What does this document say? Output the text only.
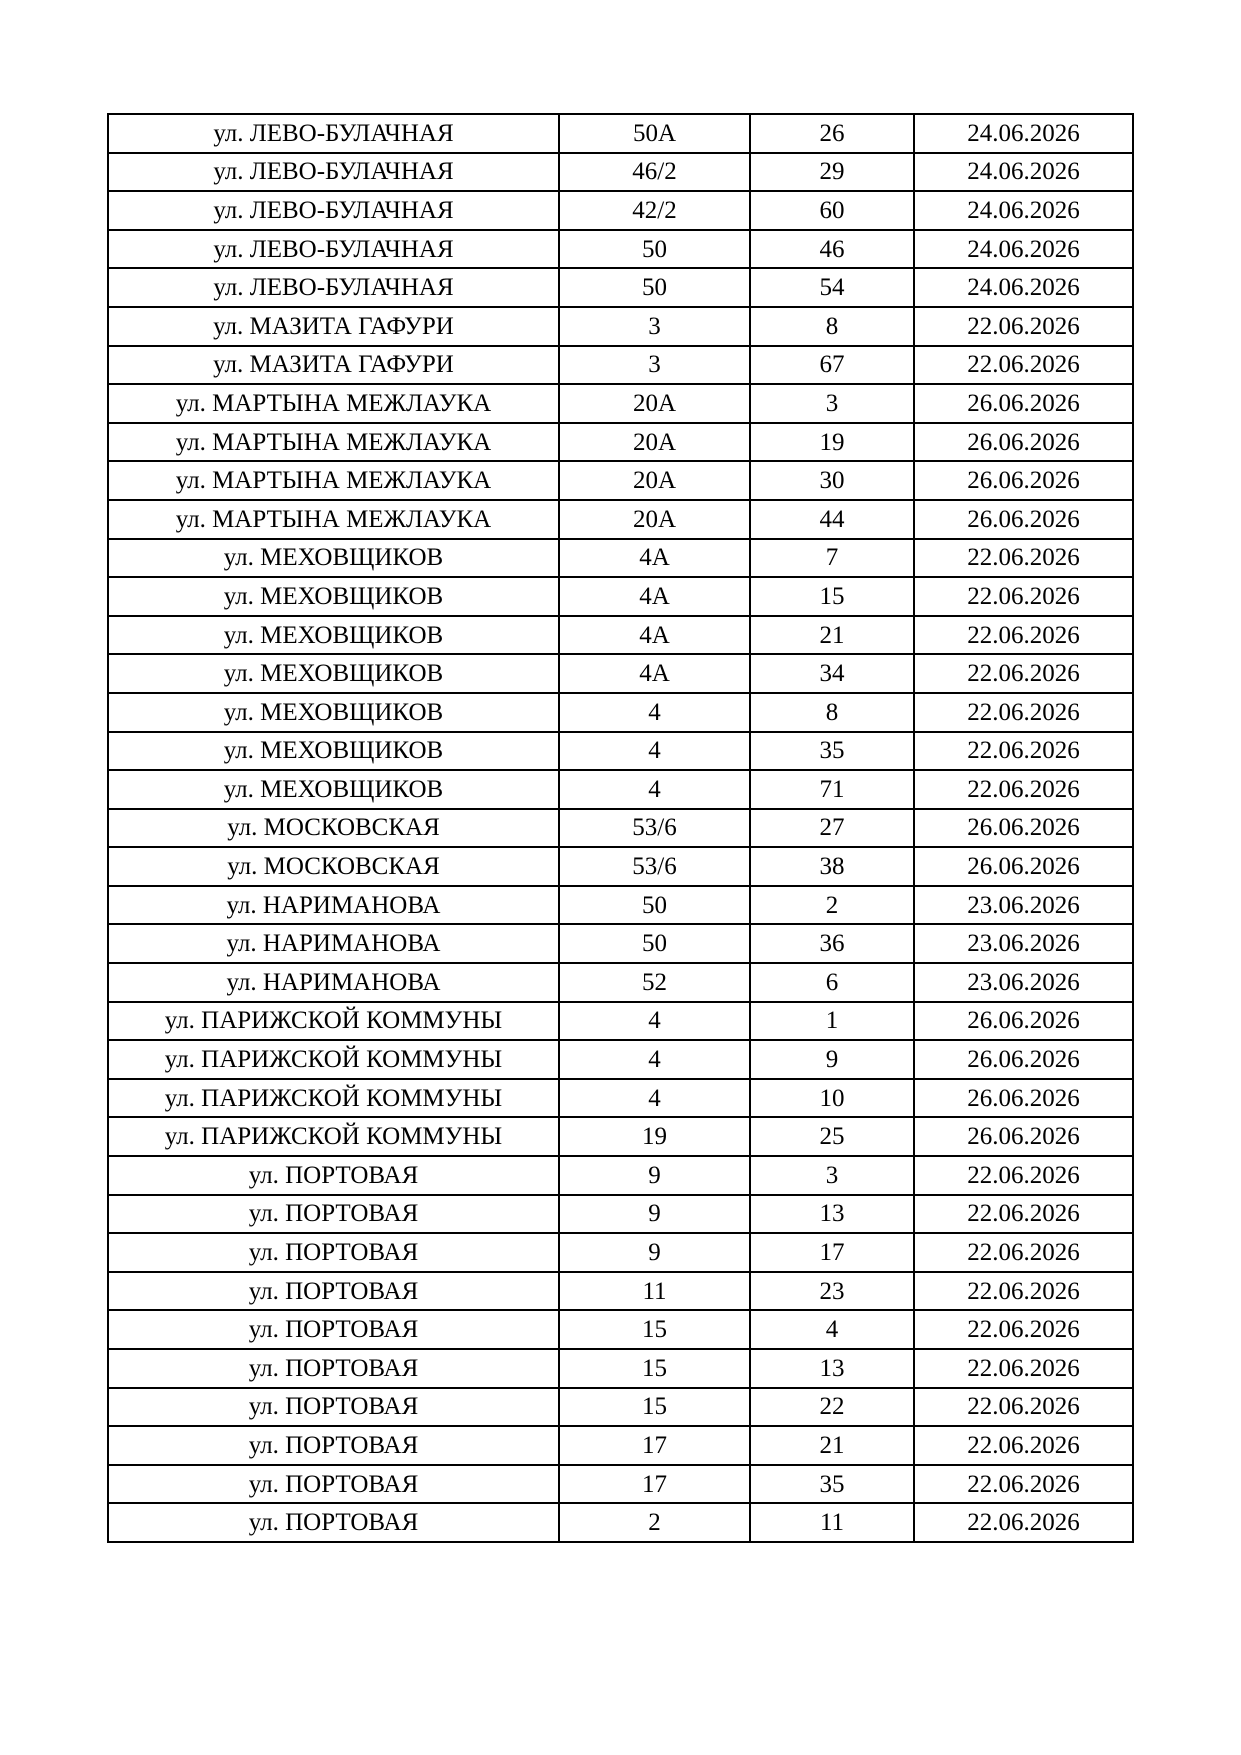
ул. ЛЕВО-БУЛАЧНАЯ	50А	26	24.06.2026
ул. ЛЕВО-БУЛАЧНАЯ	46/2	29	24.06.2026
ул. ЛЕВО-БУЛАЧНАЯ	42/2	60	24.06.2026
ул. ЛЕВО-БУЛАЧНАЯ	50	46	24.06.2026
ул. ЛЕВО-БУЛАЧНАЯ	50	54	24.06.2026
ул. МАЗИТА ГАФУРИ	3	8	22.06.2026
ул. МАЗИТА ГАФУРИ	3	67	22.06.2026
ул. МАРТЫНА МЕЖЛАУКА	20А	3	26.06.2026
ул. МАРТЫНА МЕЖЛАУКА	20А	19	26.06.2026
ул. МАРТЫНА МЕЖЛАУКА	20А	30	26.06.2026
ул. МАРТЫНА МЕЖЛАУКА	20А	44	26.06.2026
ул. МЕХОВЩИКОВ	4А	7	22.06.2026
ул. МЕХОВЩИКОВ	4А	15	22.06.2026
ул. МЕХОВЩИКОВ	4А	21	22.06.2026
ул. МЕХОВЩИКОВ	4А	34	22.06.2026
ул. МЕХОВЩИКОВ	4	8	22.06.2026
ул. МЕХОВЩИКОВ	4	35	22.06.2026
ул. МЕХОВЩИКОВ	4	71	22.06.2026
ул. МОСКОВСКАЯ	53/6	27	26.06.2026
ул. МОСКОВСКАЯ	53/6	38	26.06.2026
ул. НАРИМАНОВА	50	2	23.06.2026
ул. НАРИМАНОВА	50	36	23.06.2026
ул. НАРИМАНОВА	52	6	23.06.2026
ул. ПАРИЖСКОЙ КОММУНЫ	4	1	26.06.2026
ул. ПАРИЖСКОЙ КОММУНЫ	4	9	26.06.2026
ул. ПАРИЖСКОЙ КОММУНЫ	4	10	26.06.2026
ул. ПАРИЖСКОЙ КОММУНЫ	19	25	26.06.2026
ул. ПОРТОВАЯ	9	3	22.06.2026
ул. ПОРТОВАЯ	9	13	22.06.2026
ул. ПОРТОВАЯ	9	17	22.06.2026
ул. ПОРТОВАЯ	11	23	22.06.2026
ул. ПОРТОВАЯ	15	4	22.06.2026
ул. ПОРТОВАЯ	15	13	22.06.2026
ул. ПОРТОВАЯ	15	22	22.06.2026
ул. ПОРТОВАЯ	17	21	22.06.2026
ул. ПОРТОВАЯ	17	35	22.06.2026
ул. ПОРТОВАЯ	2	11	22.06.2026
